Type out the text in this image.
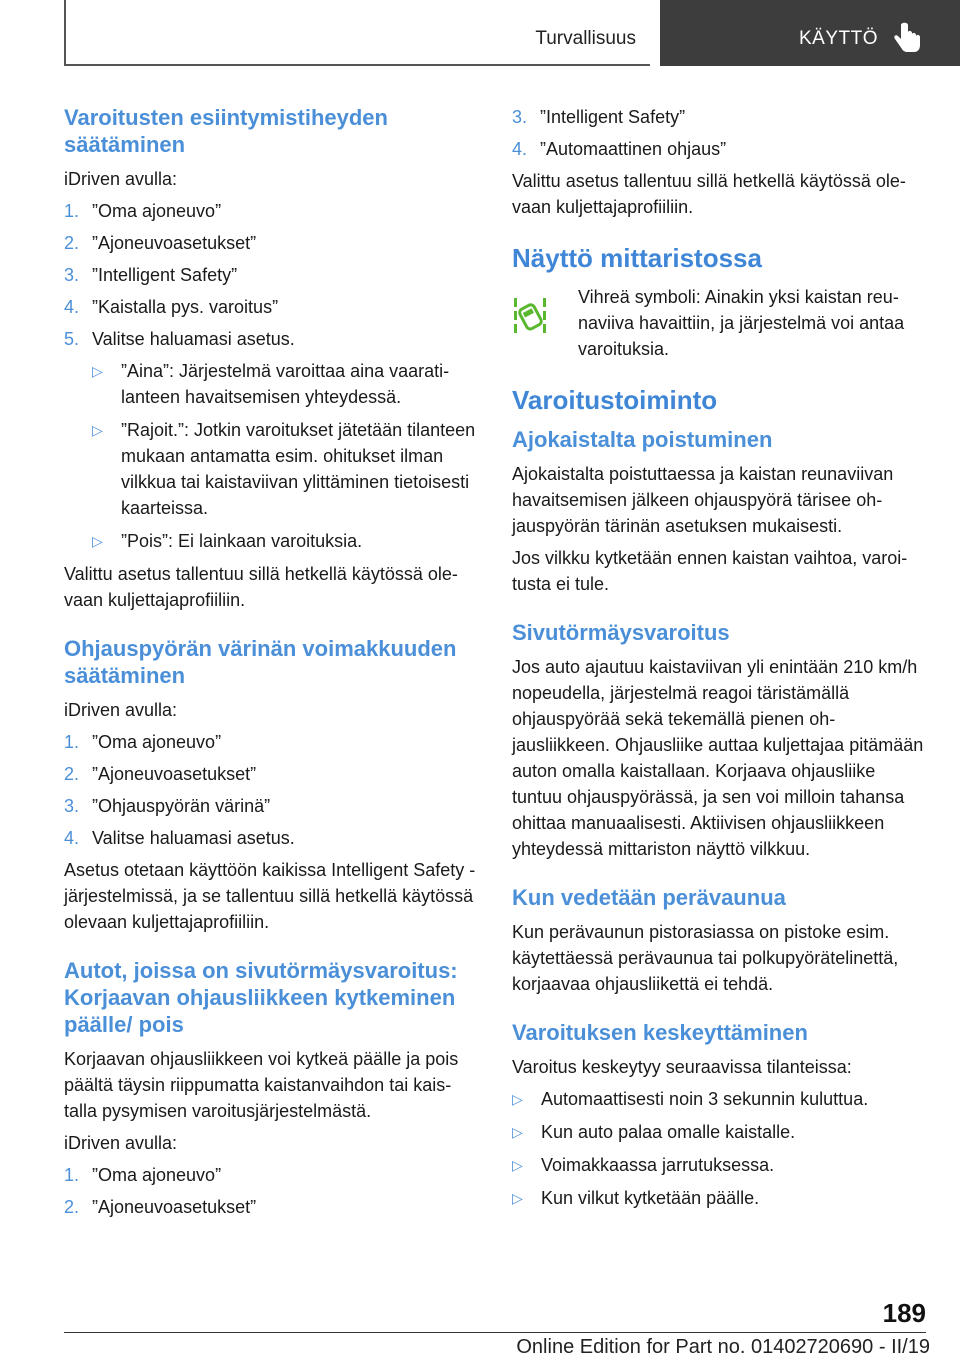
Turvallisuus	KÄYTTÖ
Varoitusten esiintymistiheyden säätäminen
iDriven avulla:
1. ”Oma ajoneuvo”
2. ”Ajoneuvoasetukset”
3. ”Intelligent Safety”
4. ”Kaistalla pys. varoitus”
5. Valitse haluamasi asetus.
▷ ”Aina”: Järjestelmä varoittaa aina vaaratilanteen havaitsemisen yhteydessä.
▷ ”Rajoit.”: Jotkin varoitukset jätetään tilanteen mukaan antamatta esim. ohitukset ilman vilkkua tai kaistaviivan ylittäminen tietoisesti kaarteissa.
▷ ”Pois”: Ei lainkaan varoituksia.
Valittu asetus tallentuu sillä hetkellä käytössä olevaan kuljettajaprofiiliin.
Ohjauspyörän värinän voimakkuuden säätäminen
iDriven avulla:
1. ”Oma ajoneuvo”
2. ”Ajoneuvoasetukset”
3. ”Ohjauspyörän värinä”
4. Valitse haluamasi asetus.
Asetus otetaan käyttöön kaikissa Intelligent Safety -järjestelmissä, ja se tallentuu sillä hetkellä käytössä olevaan kuljettajaprofiiliin.
Autot, joissa on sivutörmäysvaroitus: Korjaavan ohjausliikkeen kytkeminen päälle/ pois
Korjaavan ohjausliikkeen voi kytkeä päälle ja pois päältä täysin riippumatta kaistanvaihdon tai kaistalla pysymisen varoitusjärjestelmästä.
iDriven avulla:
1. ”Oma ajoneuvo”
2. ”Ajoneuvoasetukset”
3. ”Intelligent Safety”
4. ”Automaattinen ohjaus”
Valittu asetus tallentuu sillä hetkellä käytössä olevaan kuljettajaprofiiliin.
Näyttö mittaristossa
Vihreä symboli: Ainakin yksi kaistan reunaviiva havaittiin, ja järjestelmä voi antaa varoituksia.
Varoitustoiminto
Ajokaistalta poistuminen
Ajokaistalta poistuttaessa ja kaistan reunaviivan havaitsemisen jälkeen ohjauspyörä tärisee ohjauspyörän tärinän asetuksen mukaisesti.
Jos vilkku kytketään ennen kaistan vaihtoa, varoitusta ei tule.
Sivutörmäysvaroitus
Jos auto ajautuu kaistaviivan yli enintään 210 km/h nopeudella, järjestelmä reagoi täristämällä ohjauspyörää sekä tekemällä pienen ohjausliikkeen. Ohjausliike auttaa kuljettajaa pitämään auton omalla kaistallaan. Korjaava ohjausliike tuntuu ohjauspyörässä, ja sen voi milloin tahansa ohittaa manuaalisesti. Aktiivisen ohjausliikkeen yhteydessä mittariston näyttö vilkkuu.
Kun vedetään perävaunua
Kun perävaunun pistorasiassa on pistoke esim. käytettäessä perävaunua tai polkupyörätelinettä, korjaavaa ohjausliikettä ei tehdä.
Varoituksen keskeyttäminen
Varoitus keskeytyy seuraavissa tilanteissa:
▷ Automaattisesti noin 3 sekunnin kuluttua.
▷ Kun auto palaa omalle kaistalle.
▷ Voimakkaassa jarrutuksessa.
▷ Kun vilkut kytketään päälle.
189
Online Edition for Part no. 01402720690 - II/19
